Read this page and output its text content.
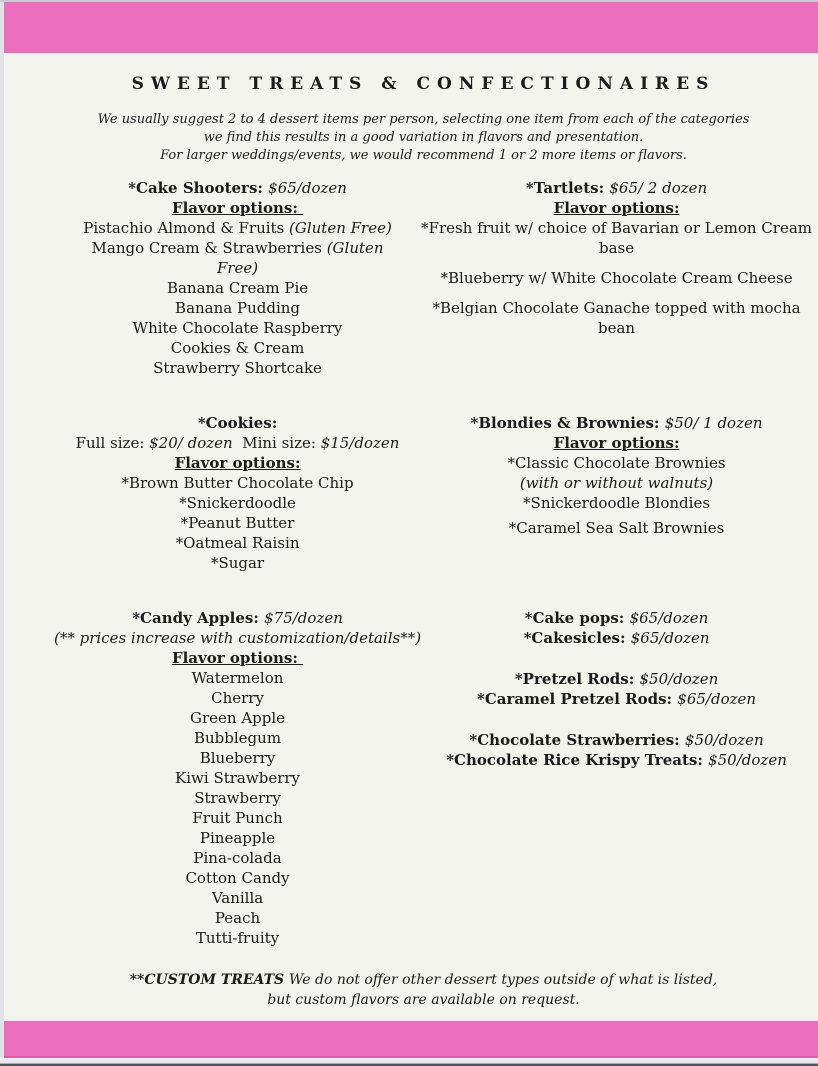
SWEET TREATS & CONFECTIONAIRES
We usually suggest 2 to 4 dessert items per person, selecting one item from each of the categories
we find this results in a good variation in flavors and presentation.
For larger weddings/events, we would recommend 1 or 2 more items or flavors.
*Cake Shooters: $65/dozen
Flavor options:
Pistachio Almond & Fruits (Gluten Free)
Mango Cream & Strawberries (Gluten
Free)
Banana Cream Pie
Banana Pudding
White Chocolate Raspberry
Cookies & Cream
Strawberry Shortcake
*Tartlets: $65/ 2 dozen
Flavor options:
*Fresh fruit w/ choice of Bavarian or Lemon Cream
base
*Blueberry w/ White Chocolate Cream Cheese
*Belgian Chocolate Ganache topped with mocha
bean
*Cookies:
Full size: $20/ dozen  Mini size: $15/dozen
Flavor options:
*Brown Butter Chocolate Chip
*Snickerdoodle
*Peanut Butter
*Oatmeal Raisin
*Sugar
*Blondies & Brownies: $50/ 1 dozen
Flavor options:
*Classic Chocolate Brownies
(with or without walnuts)
*Snickerdoodle Blondies
*Caramel Sea Salt Brownies
*Candy Apples: $75/dozen
(** prices increase with customization/details**)
Flavor options:
Watermelon
Cherry
Green Apple
Bubblegum
Blueberry
Kiwi Strawberry
Strawberry
Fruit Punch
Pineapple
Pina-colada
Cotton Candy
Vanilla
Peach
Tutti-fruity
*Cake pops: $65/dozen
*Cakesicles: $65/dozen
*Pretzel Rods: $50/dozen
*Caramel Pretzel Rods: $65/dozen
*Chocolate Strawberries: $50/dozen
*Chocolate Rice Krispy Treats: $50/dozen
**CUSTOM TREATS We do not offer other dessert types outside of what is listed,
but custom flavors are available on request.
